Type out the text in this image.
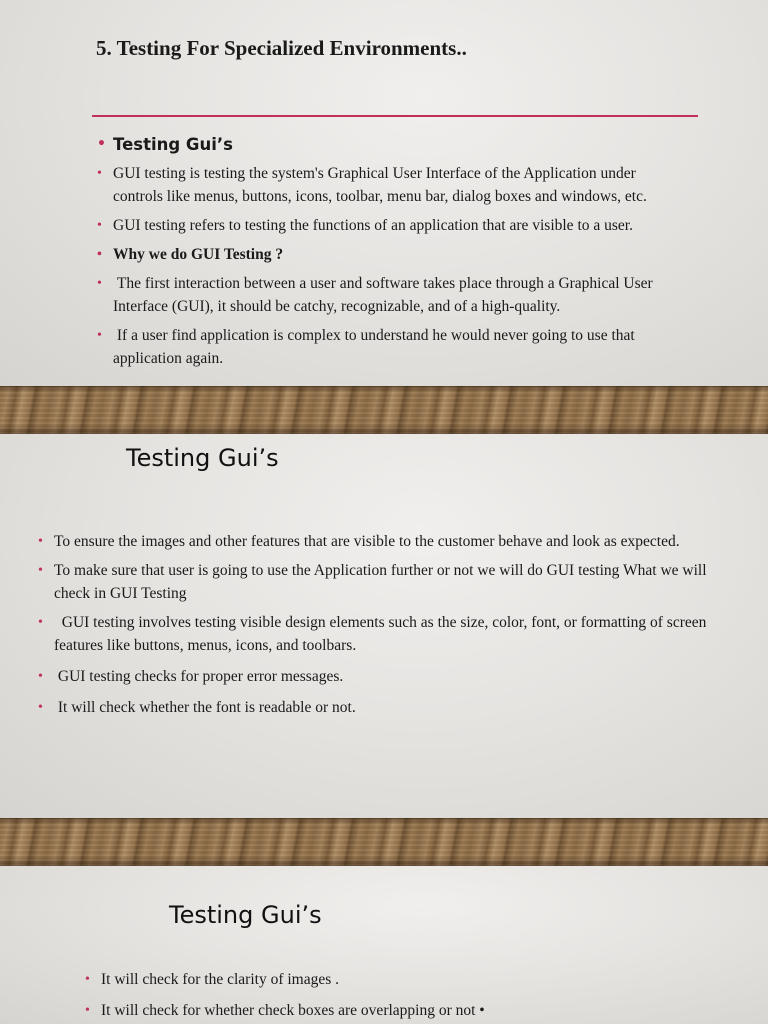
5. Testing For Specialized Environments..
• Testing Gui’s
• GUI testing is testing the system's Graphical User Interface of the Application under controls like menus, buttons, icons, toolbar, menu bar, dialog boxes and windows, etc.
• GUI testing refers to testing the functions of an application that are visible to a user.
• Why we do GUI Testing ?
• The first interaction between a user and software takes place through a Graphical User Interface (GUI), it should be catchy, recognizable, and of a high-quality.
• If a user find application is complex to understand he would never going to use that application again.
Testing Gui’s
• To ensure the images and other features that are visible to the customer behave and look as expected.
• To make sure that user is going to use the Application further or not we will do GUI testing What we will check in GUI Testing
• GUI testing involves testing visible design elements such as the size, color, font, or formatting of screen features like buttons, menus, icons, and toolbars.
• GUI testing checks for proper error messages.
• It will check whether the font is readable or not.
Testing Gui’s
• It will check for the clarity of images .
• It will check for whether check boxes are overlapping or not •
